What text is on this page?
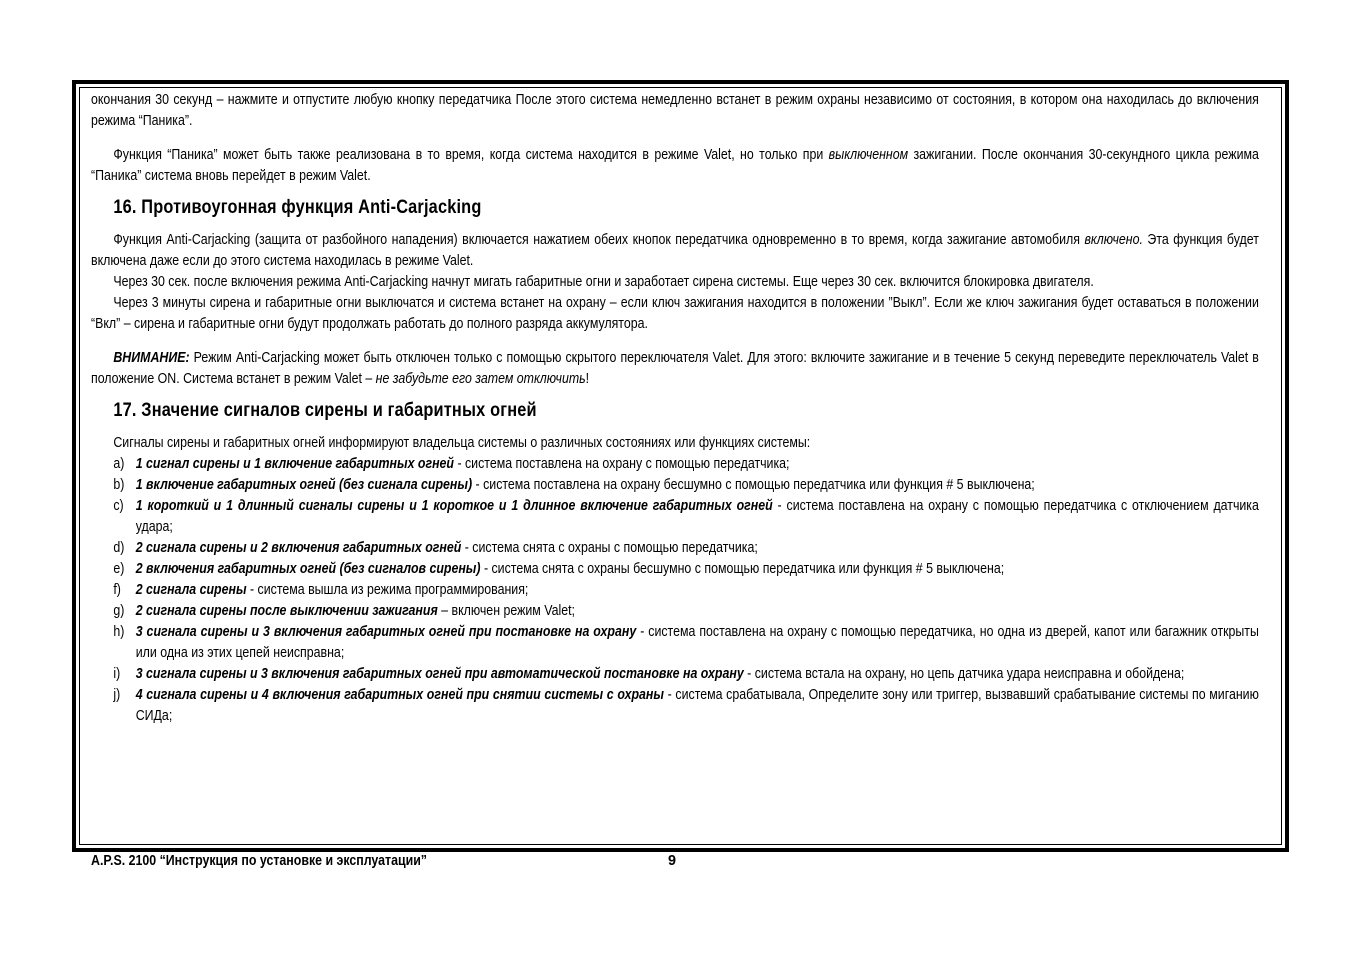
окончания 30 секунд – нажмите и отпустите любую кнопку передатчика После этого система немедленно встанет в режим охраны независимо от состояния, в котором она находилась до включения режима “Паника”.

Функция “Паника” может быть также реализована в то время, когда система находится в режиме Valet, но только при выключенном зажигании. После окончания 30-секундного цикла режима “Паника” система вновь перейдет в режим Valet.

16. Противоугонная функция Anti-Carjacking

Функция Anti-Carjacking (защита от разбойного нападения) включается нажатием обеих кнопок передатчика одновременно в то время, когда зажигание автомобиля включено. Эта функция будет включена даже если до этого система находилась в режиме Valet.

Через 30 сек. после включения режима Anti-Carjacking начнут мигать габаритные огни и заработает сирена системы. Еще через 30 сек. включится блокировка двигателя.

Через 3 минуты сирена и габаритные огни выключатся и система встанет на охрану – если ключ зажигания находится в положении ”Выкл”. Если же ключ зажигания будет оставаться в положении “Вкл” – сирена и габаритные огни будут продолжать работать до полного разряда аккумулятора.

ВНИМАНИЕ: Режим Anti-Carjacking может быть отключен только с помощью скрытого переключателя Valet. Для этого: включите зажигание и в течение 5 секунд переведите переключатель Valet в положение ON. Система встанет в режим Valet – не забудьте его затем отключить!

17. Значение сигналов сирены и габаритных огней

Сигналы сирены и габаритных огней информируют владельца системы о различных состояниях или функциях системы:

a) 1 сигнал сирены и 1 включение габаритных огней - система поставлена на охрану с помощью передатчика;
b) 1 включение габаритных огней (без сигнала сирены) - система поставлена на охрану бесшумно с помощью передатчика или функция # 5 выключена;
c) 1 короткий и 1 длинный сигналы сирены и 1 короткое и 1 длинное включение габаритных огней - система поставлена на охрану с помощью передатчика с отключением датчика удара;
d) 2 сигнала сирены и 2 включения габаритных огней - система снята с охраны с помощью передатчика;
e) 2 включения габаритных огней (без сигналов сирены) - система снята с охраны бесшумно с помощью передатчика или функция # 5 выключена;
f) 2 сигнала сирены - система вышла из режима программирования;
g) 2 сигнала сирены после выключении зажигания – включен режим Valet;
h) 3 сигнала сирены и 3 включения габаритных огней при постановке на охрану - система поставлена на охрану с помощью передатчика, но одна из дверей, капот или багажник открыты или одна из этих цепей неисправна;
i) 3 сигнала сирены и 3 включения габаритных огней при автоматической постановке на охрану - система встала на охрану, но цепь датчика удара неисправна и обойдена;
j) 4 сигнала сирены и 4 включения габаритных огней при снятии системы с охраны - система срабатывала, Определите зону или триггер, вызвавший срабатывание системы по миганию СИДа;
A.P.S. 2100 “Инструкция по установке и эксплуатации”	9
